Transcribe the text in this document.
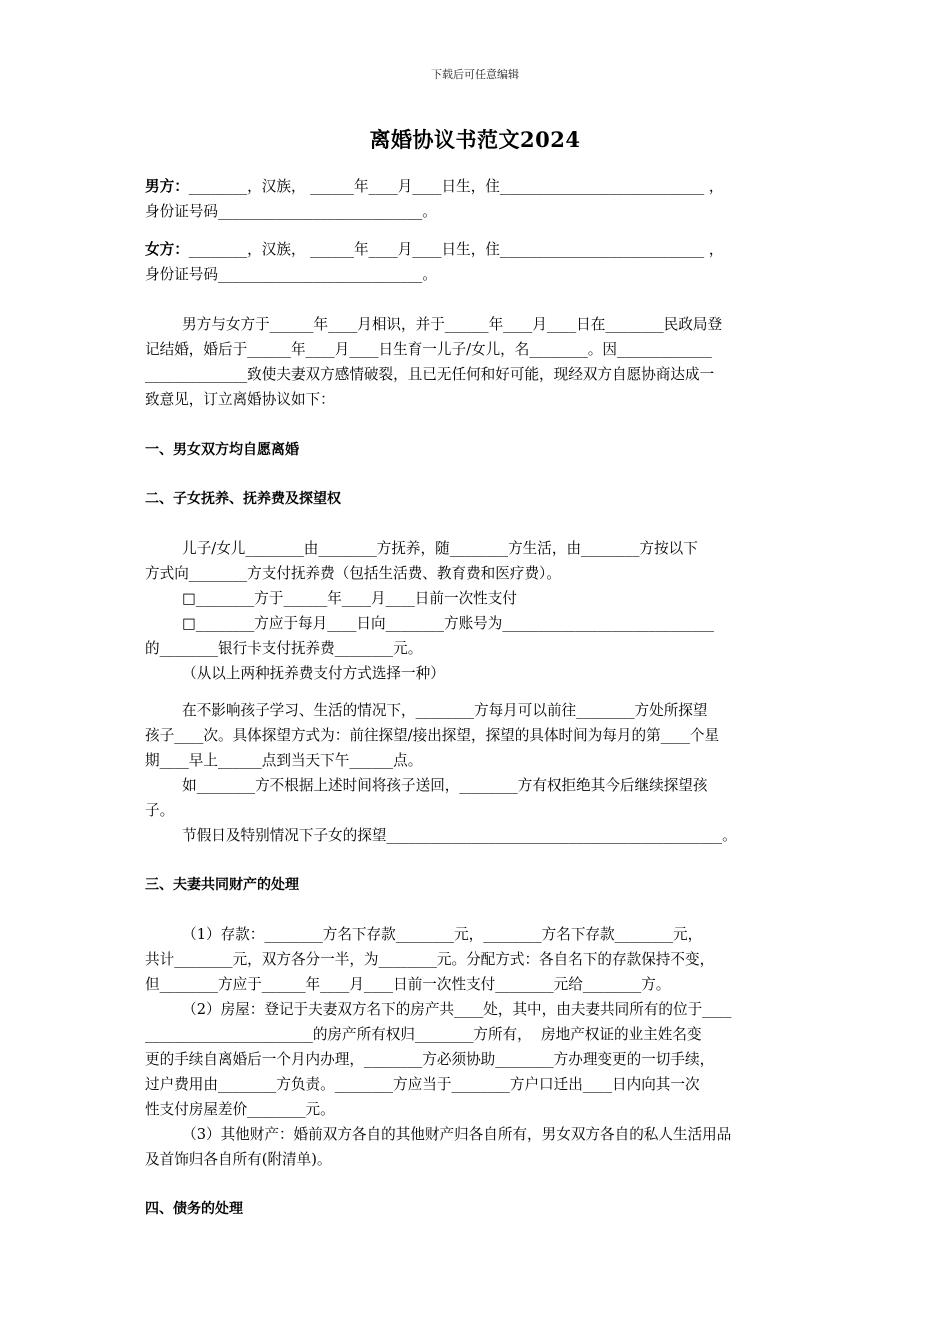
下载后可任意编辑
离婚协议书范文2024
男方：________，汉族， ______年____月____日生，住____________________________ ，
身份证号码____________________________。
女方：________，汉族， ______年____月____日生，住____________________________ ，
身份证号码____________________________。
男方与女方于______年____月相识，并于______年____月____日在________民政局登
记结婚，婚后于______年____月____日生育一儿子/女儿，名________。因_____________
______________致使夫妻双方感情破裂，且已无任何和好可能，现经双方自愿协商达成一
致意见，订立离婚协议如下：
一、男女双方均自愿离婚
二、子女抚养、抚养费及探望权
儿子/女儿________由________方抚养，随________方生活，由________方按以下
方式向________方支付抚养费（包括生活费、教育费和医疗费）。
□________方于______年____月____日前一次性支付
□________方应于每月____日向________方账号为_____________________________
的________银行卡支付抚养费________元。
（从以上两种抚养费支付方式选择一种）
在不影响孩子学习、生活的情况下，________方每月可以前往________方处所探望
孩子____次。具体探望方式为：前往探望/接出探望，探望的具体时间为每月的第____个星
期____早上______点到当天下午______点。
如________方不根据上述时间将孩子送回，________方有权拒绝其今后继续探望孩
子。
节假日及特别情况下子女的探望______________________________________________。
三、夫妻共同财产的处理
（1）存款：________方名下存款________元，________方名下存款________元，
共计________元，双方各分一半，为________元。分配方式：各自名下的存款保持不变，
但________方应于______年____月____日前一次性支付________元给________方。
（2）房屋：登记于夫妻双方名下的房产共____处，其中，由夫妻共同所有的位于____
_______________________的房产所有权归________方所有，  房地产权证的业主姓名变
更的手续自离婚后一个月内办理，________方必须协助________方办理变更的一切手续，
过户费用由________方负责。________方应当于________方户口迁出____日内向其一次
性支付房屋差价________元。
（3）其他财产：婚前双方各自的其他财产归各自所有，男女双方各自的私人生活用品
及首饰归各自所有(附清单)。
四、债务的处理
